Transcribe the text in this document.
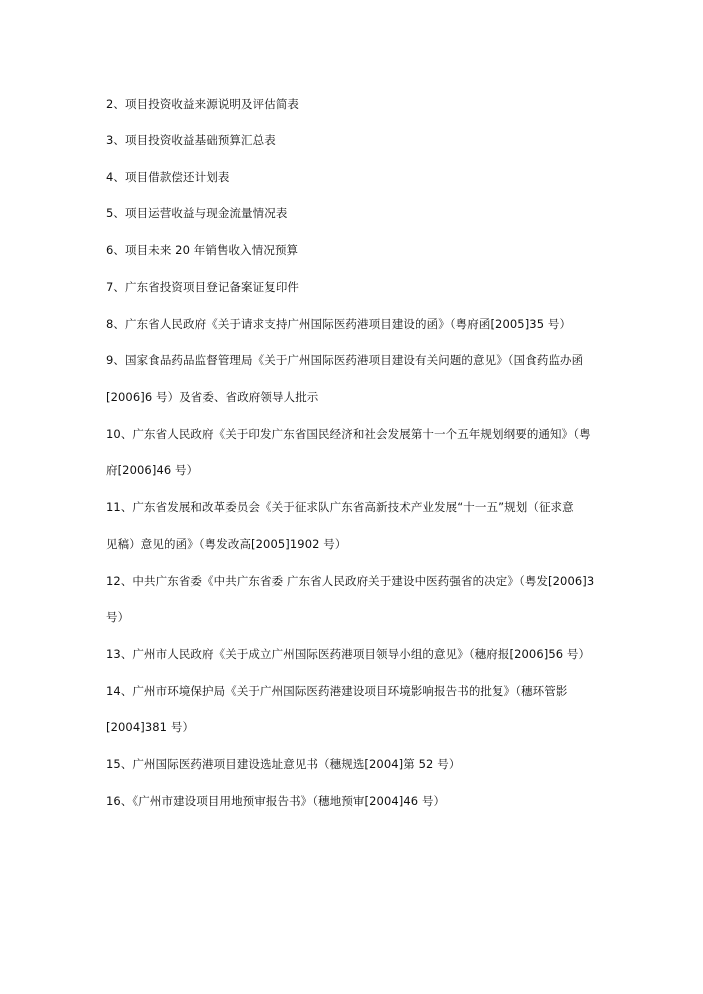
2、项目投资收益来源说明及评估简表
3、项目投资收益基础预算汇总表
4、项目借款偿还计划表
5、项目运营收益与现金流量情况表
6、项目未来 20 年销售收入情况预算
7、广东省投资项目登记备案证复印件
8、广东省人民政府《关于请求支持广州国际医药港项目建设的函》（粤府函[2005]35 号）
9、国家食品药品监督管理局《关于广州国际医药港项目建设有关问题的意见》（国食药监办函
[2006]6 号）及省委、省政府领导人批示
10、广东省人民政府《关于印发广东省国民经济和社会发展第十一个五年规划纲要的通知》（粤
府[2006]46 号）
11、广东省发展和改革委员会《关于征求队广东省高新技术产业发展“十一五”规划（征求意
见稿）意见的函》（粤发改高[2005]1902 号）
12、中共广东省委《中共广东省委 广东省人民政府关于建设中医药强省的决定》（粤发[2006]3
号）
13、广州市人民政府《关于成立广州国际医药港项目领导小组的意见》（穗府报[2006]56 号）
14、广州市环境保护局《关于广州国际医药港建设项目环境影响报告书的批复》（穗环管影
[2004]381 号）
15、广州国际医药港项目建设选址意见书（穗规选[2004]第 52 号）
16、《广州市建设项目用地预审报告书》（穗地预审[2004]46 号）
